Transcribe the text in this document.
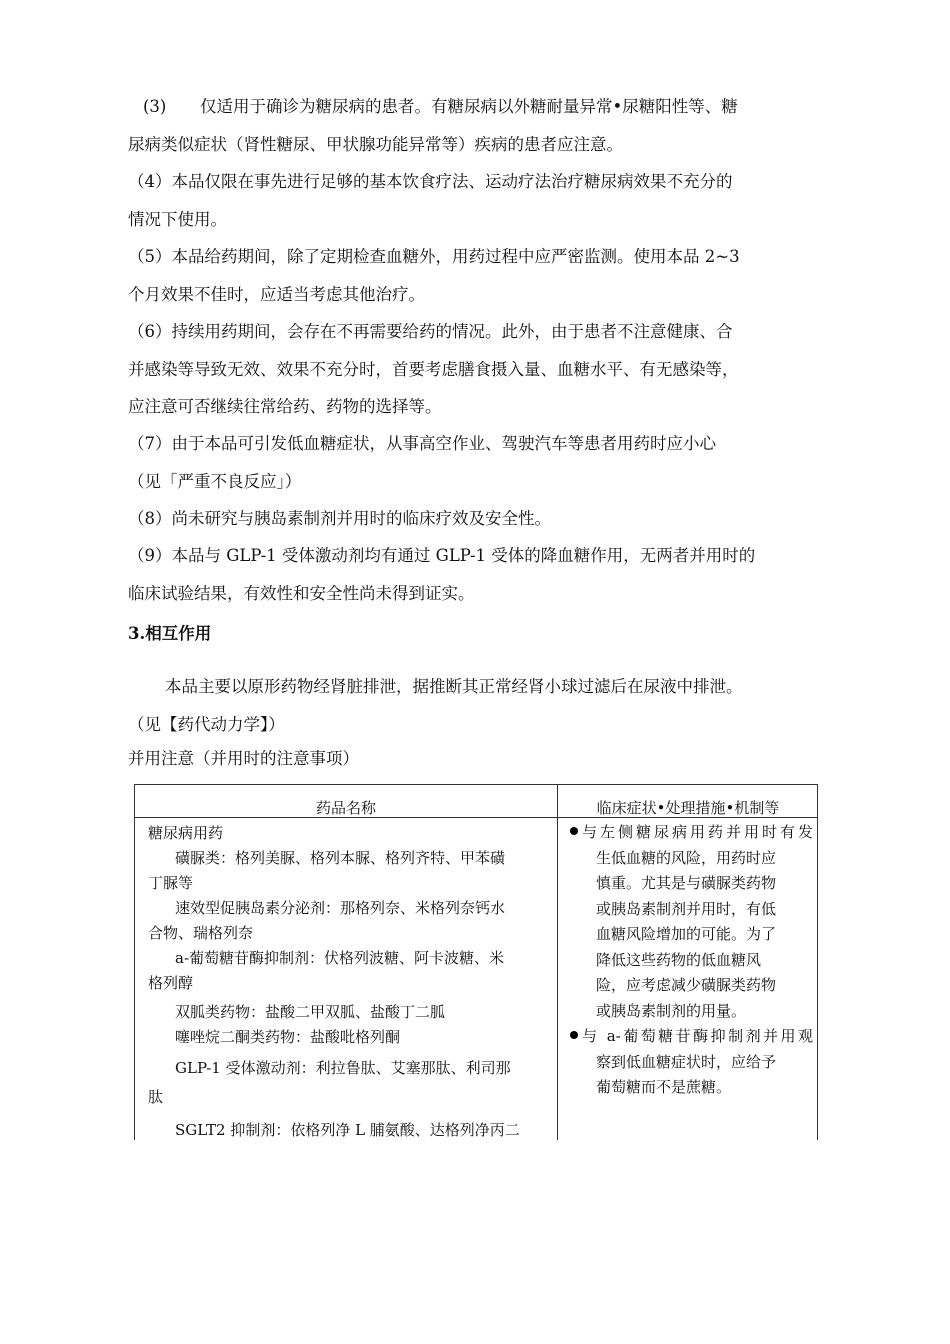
(3) 仅适用于确诊为糖尿病的患者。有糖尿病以外糖耐量异常•尿糖阳性等、糖
尿病类似症状（肾性糖尿、甲状腺功能异常等）疾病的患者应注意。
（4）本品仅限在事先进行足够的基本饮食疗法、运动疗法治疗糖尿病效果不充分的
情况下使用。
（5）本品给药期间，除了定期检查血糖外，用药过程中应严密监测。使用本品 2~3
个月效果不佳时，应适当考虑其他治疗。
（6）持续用药期间，会存在不再需要给药的情况。此外，由于患者不注意健康、合
并感染等导致无效、效果不充分时，首要考虑膳食摄入量、血糖水平、有无感染等，
应注意可否继续往常给药、药物的选择等。
（7）由于本品可引发低血糖症状，从事高空作业、驾驶汽车等患者用药时应小心
（见「严重不良反应」）
（8）尚未研究与胰岛素制剂并用时的临床疗效及安全性。
（9）本品与 GLP-1 受体激动剂均有通过 GLP-1 受体的降血糖作用，无两者并用时的
临床试验结果，有效性和安全性尚未得到证实。
3.相互作用
本品主要以原形药物经肾脏排泄，据推断其正常经肾小球过滤后在尿液中排泄。
（见【药代动力学】）
并用注意（并用时的注意事项）
药品名称	临床症状•处理措施•机制等
糖尿病用药
磺脲类：格列美脲、格列本脲、格列齐特、甲苯磺
丁脲等
速效型促胰岛素分泌剂：那格列奈、米格列奈钙水
合物、瑞格列奈
a-葡萄糖苷酶抑制剂：伏格列波糖、阿卡波糖、米
格列醇
双胍类药物：盐酸二甲双胍、盐酸丁二胍
噻唑烷二酮类药物：盐酸吡格列酮
GLP-1 受体激动剂：利拉鲁肽、艾塞那肽、利司那
肽
SGLT2 抑制剂：依格列净 L 脯氨酸、达格列净丙二
与左侧糖尿病用药并用时有发
生低血糖的风险，用药时应
慎重。尤其是与磺脲类药物
或胰岛素制剂并用时，有低
血糖风险增加的可能。为了
降低这些药物的低血糖风
险，应考虑减少磺脲类药物
或胰岛素制剂的用量。
与 a-葡萄糖苷酶抑制剂并用观
察到低血糖症状时，应给予
葡萄糖而不是蔗糖。
